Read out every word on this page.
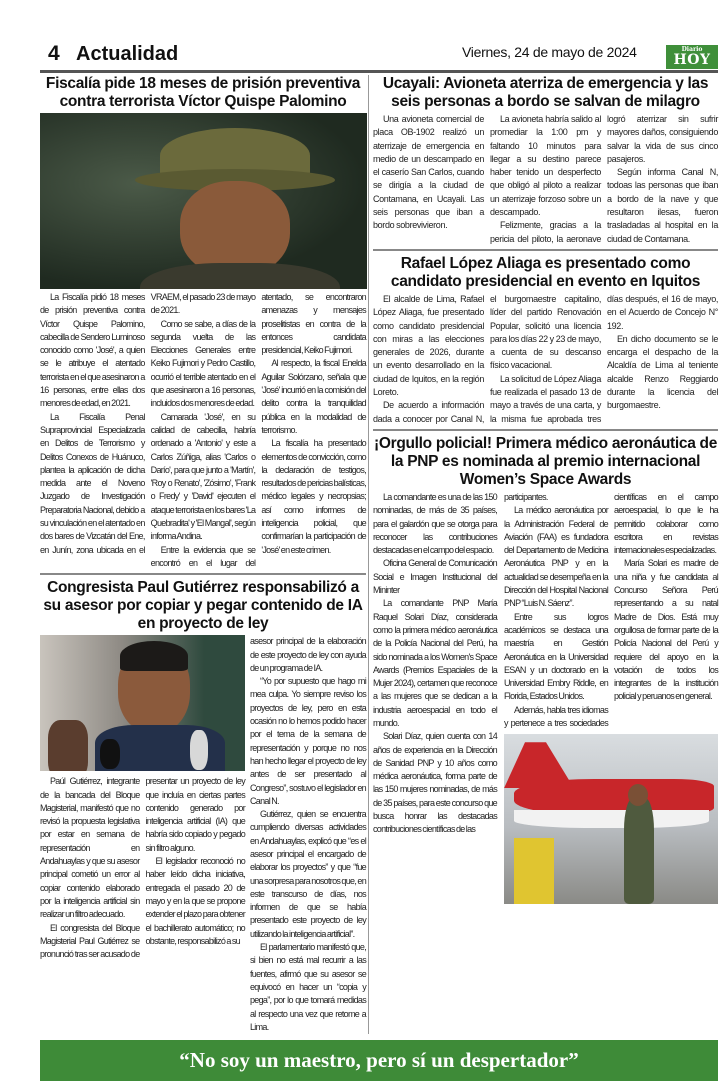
4 Actualidad	Viernes, 24 de mayo de 2024	Diario
HOY
Fiscalía pide 18 meses de prisión preventiva contra terrorista Víctor Quispe Palomino

La Fiscalía pidió 18 meses de prisión preventiva contra Víctor Quispe Palomino, cabecilla de Sendero Luminoso conocido como 'José', a quien se le atribuye el atentado terrorista en el que asesinaron a 16 personas, entre ellas dos menores de edad, en 2021.

La Fiscalía Penal Supraprovincial Especializada en Delitos de Terrorismo y Delitos Conexos de Huánuco, plantea la aplicación de dicha medida ante el Noveno Juzgado de Investigación Preparatoria Nacional, debido a su vinculación en el atentado en dos bares de Vizcatán del Ene, en Junín, zona ubicada en el VRAEM, el pasado 23 de mayo de 2021.

Como se sabe, a días de la segunda vuelta de las Elecciones Generales entre Keiko Fujimori y Pedro Castillo, ocurrió el terrible atentado en el que asesinaron a 16 personas, incluidos dos menores de edad.

Camarada 'José', en su calidad de cabecilla, habría ordenado a 'Antonio' y este a Carlos Zúñiga, alias 'Carlos o Darío', para que junto a 'Martín', 'Roy o Renato', 'Zósimo', 'Frank o Fredy' y 'David' ejecuten el ataque terrorista en los bares 'La Quebradita' y 'El Mangal', según informa Andina.

Entre la evidencia que se encontró en el lugar del atentado, se encontraron amenazas y mensajes proselitistas en contra de la entonces candidata presidencial, Keiko Fujimori.

Al respecto, la fiscal Enelda Aguilar Solórzano, señala que 'José' incurrió en la comisión del delito contra la tranquilidad pública en la modalidad de terrorismo.

La fiscalía ha presentado elementos de convicción, como la declaración de testigos, resultados de pericias balísticas, médico legales y necropsias; así como informes de inteligencia policial, que confirmarían la participación de 'José' en este crimen.

Congresista Paul Gutiérrez responsabilizó a su asesor por copiar y pegar contenido de IA en proyecto de ley

Paúl Gutiérrez, integrante de la bancada del Bloque Magisterial, manifestó que no revisó la propuesta legislativa por estar en semana de representación en Andahuaylas y que su asesor principal cometió un error al copiar contenido elaborado por la inteligencia artificial sin realizar un filtro adecuado.

El congresista del Bloque Magisterial Paul Gutiérrez se pronunció tras ser acusado de presentar un proyecto de ley que incluía en ciertas partes contenido generado por inteligencia artificial (IA) que habría sido copiado y pegado sin filtro alguno.

El legislador reconoció no haber leído dicha iniciativa, entregada el pasado 20 de mayo y en la que se propone extender el plazo para obtener el bachillerato automático; no obstante, responsabilizó a su

asesor principal de la elaboración de este proyecto de ley con ayuda de un programa de IA.

“Yo por supuesto que hago mi mea culpa. Yo siempre reviso los proyectos de ley, pero en esta ocasión no lo hemos podido hacer por el tema de la semana de representación y porque no nos han hecho llegar el proyecto de ley antes de ser presentado al Congreso”, sostuvo el legislador en Canal N.

Gutiérrez, quien se encuentra cumpliendo diversas actividades en Andahuaylas, explicó que “es el asesor principal el encargado de elaborar los proyectos” y que “fue una sorpresa para nosotros que, en este transcurso de días, nos informen de que se había presentado este proyecto de ley utilizando la inteligencia artificial”.

El parlamentario manifestó que, si bien no está mal recurrir a las fuentes, afirmó que su asesor se equivocó en hacer un “copia y pega”, por lo que tomará medidas al respecto una vez que retome a Lima.

Ucayali: Avioneta aterriza de emergencia y las seis personas a bordo se salvan de milagro

Una avioneta comercial de placa OB-1902 realizó un aterrizaje de emergencia en medio de un descampado en el caserío San Carlos, cuando se dirigía a la ciudad de Contamana, en Ucayali. Las seis personas que iban a bordo sobrevivieron.

La avioneta habría salido al promediar la 1:00 pm y faltando 10 minutos para llegar a su destino parece haber tenido un desperfecto que obligó al piloto a realizar un aterrizaje forzoso sobre un descampado.

Felizmente, gracias a la pericia del piloto, la aeronave logró aterrizar sin sufrir mayores daños, consiguiendo salvar la vida de sus cinco pasajeros.

Según informa Canal N, todoas las personas que iban a bordo de la nave y que resultaron ilesas, fueron trasladadas al hospital en la ciudad de Contamana.

Rafael López Aliaga es presentado como candidato presidencial en evento en Iquitos

El alcalde de Lima, Rafael López Aliaga, fue presentado como candidato presidencial con miras a las elecciones generales de 2026, durante un evento desarrollado en la ciudad de Iquitos, en la región Loreto.

De acuerdo a información dada a conocer por Canal N, el burgomaestre capitalino, líder del partido Renovación Popular, solicitó una licencia para los días 22 y 23 de mayo, a cuenta de su descanso físico vacacional.

La solicitud de López Aliaga fue realizada el pasado 13 de mayo a través de una carta, y la misma fue aprobada tres días después, el 16 de mayo, en el Acuerdo de Concejo N° 192.

En dicho documento se le encarga el despacho de la Alcaldía de Lima al teniente alcalde Renzo Reggiardo durante la licencia del burgomaestre.

¡Orgullo policial! Primera médico aeronáutica de la PNP es nominada al premio internacional Women’s Space Awards

La comandante es una de las 150 nominadas, de más de 35 países, para el galardón que se otorga para reconocer las contribuciones destacadas en el campo del espacio.

Oficina General de Comunicación Social e Imagen Institucional del Mininter

La comandante PNP María Raquel Solari Díaz, considerada como la primera médico aeronáutica de la Policía Nacional del Perú, ha sido nominada a los Women's Space Awards (Premios Espaciales de la Mujer 2024), certamen que reconoce a las mujeres que se dedican a la industria aeroespacial en todo el mundo.

Solari Díaz, quien cuenta con 14 años de experiencia en la Dirección de Sanidad PNP y 10 años como médica aeronáutica, forma parte de las 150 mujeres nominadas, de más de 35 países, para este concurso que busca honrar las destacadas contribuciones científicas de las

participantes.

La médico aeronáutica por la Administración Federal de Aviación (FAA) es fundadora del Departamento de Medicina Aeronáutica PNP y en la actualidad se desempeña en la Dirección del Hospital Nacional PNP “Luis N. Sáenz”.

Entre sus logros académicos se destaca una maestría en Gestión Aeronáutica en la Universidad ESAN y un doctorado en la Universidad Embry Riddle, en Florida, Estados Unidos.

Además, habla tres idiomas y pertenece a tres sociedades científicas en el campo aeroespacial, lo que le ha permitido colaborar como escritora en revistas internacionales especializadas.

María Solari es madre de una niña y fue candidata al Concurso Señora Perú representando a su natal Madre de Dios. Está muy orgullosa de formar parte de la Policía Nacional del Perú y requiere del apoyo en la votación de todos los integrantes de la institución policial y peruanos en general.

“No soy un maestro, pero sí un despertador”
